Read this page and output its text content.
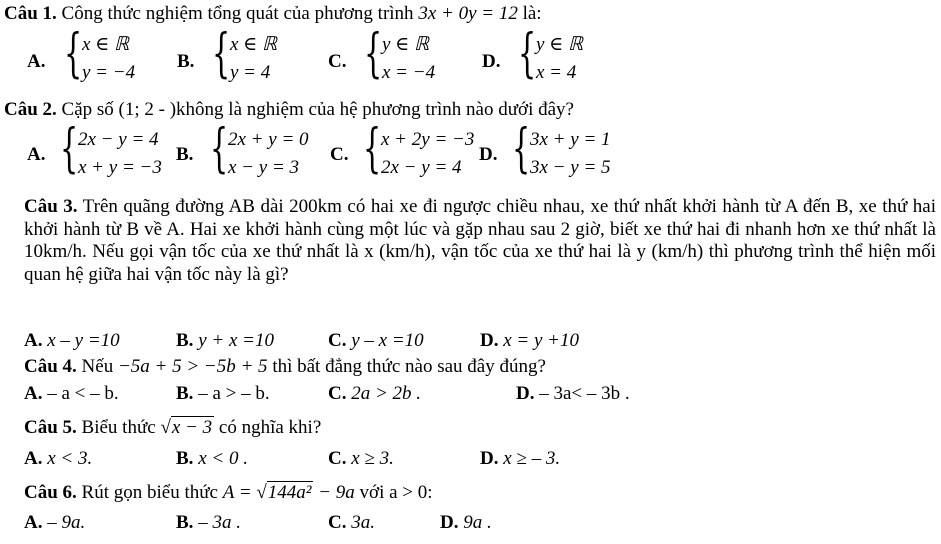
Câu 1. Công thức nghiệm tổng quát của phương trình 3x + 0y = 12 là:
A. { x ∈ ℝ
y = −4
B. { x ∈ ℝ
y = 4
C. { y ∈ ℝ
x = −4
D. { y ∈ ℝ
x = 4
Câu 2. Cặp số (1; 2 - )không là nghiệm của hệ phương trình nào dưới đây?
A. { 2x − y = 4
x + y = −3
B. { 2x + y = 0
x − y = 3
C. { x + 2y = −3
2x − y = 4
D. { 3x + y = 1
3x − y = 5
Câu 3. Trên quãng đường AB dài 200km có hai xe đi ngược chiều nhau, xe thứ nhất khởi hành từ A đến B, xe thứ hai khởi hành từ B về A. Hai xe khởi hành cùng một lúc và gặp nhau sau 2 giờ, biết xe thứ hai đi nhanh hơn xe thứ nhất là 10km/h. Nếu gọi vận tốc của xe thứ nhất là x (km/h), vận tốc của xe thứ hai là y (km/h) thì phương trình thể hiện mối quan hệ giữa hai vận tốc này là gì?
A. x – y =10	B. y + x =10	C. y – x =10	D. x = y +10
Câu 4. Nếu −5a + 5 > −5b + 5 thì bất đẳng thức nào sau đây đúng?
A. – a < – b.	B. – a > – b.	C. 2a > 2b .	D. – 3a< – 3b .
Câu 5. Biểu thức √x − 3 có nghĩa khi?
A. x < 3.	B. x < 0 .	C. x ≥ 3.	D. x ≥ – 3.
Câu 6. Rút gọn biểu thức A = √144a² − 9a với a > 0:
A. – 9a.	B. – 3a .	C. 3a.	D. 9a .
